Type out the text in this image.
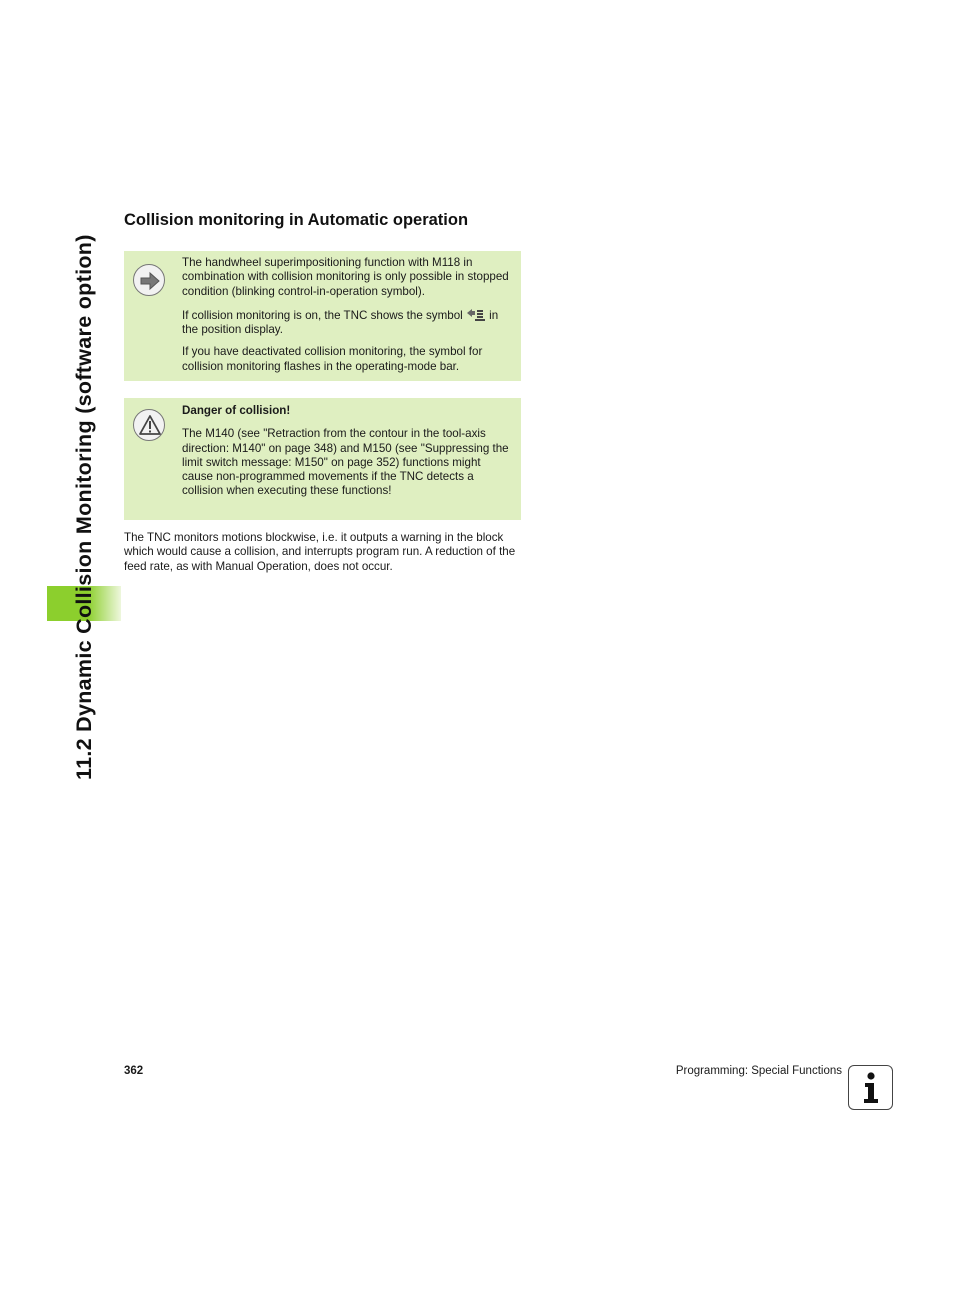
11.2 Dynamic Collision Monitoring (software option)
Collision monitoring in Automatic operation

The handwheel superimpositioning function with M118 in combination with collision monitoring is only possible in stopped condition (blinking control-in-operation symbol).

If collision monitoring is on, the TNC shows the symbol  in the position display.

If you have deactivated collision monitoring, the symbol for collision monitoring flashes in the operating-mode bar.

Danger of collision!

The M140 (see "Retraction from the contour in the tool-axis direction: M140" on page 348) and M150 (see "Suppressing the limit switch message: M150" on page 352) functions might cause non-programmed movements if the TNC detects a collision when executing these functions!

The TNC monitors motions blockwise, i.e. it outputs a warning in the block which would cause a collision, and interrupts program run. A reduction of the feed rate, as with Manual Operation, does not occur.

362	Programming: Special Functions
